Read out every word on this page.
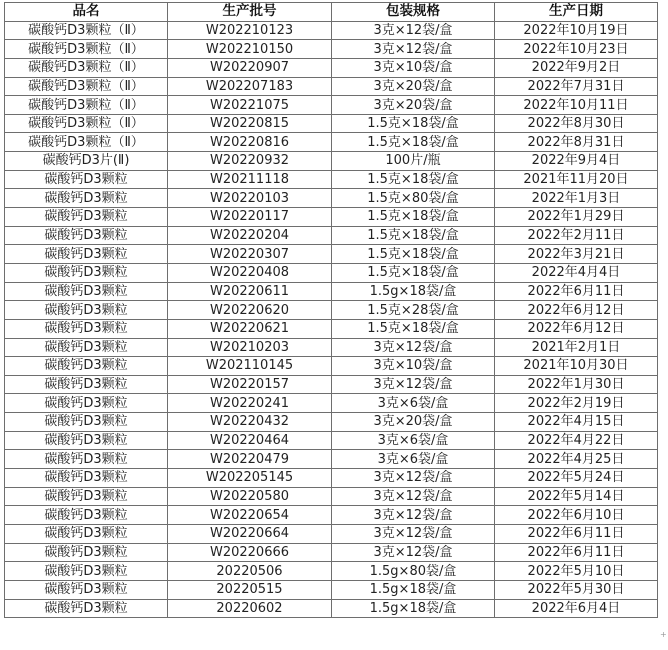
品名	生产批号	包装规格	生产日期
碳酸钙D3颗粒（Ⅱ）	W202210123	3克×12袋/盒	2022年10月19日
碳酸钙D3颗粒（Ⅱ）	W202210150	3克×12袋/盒	2022年10月23日
碳酸钙D3颗粒（Ⅱ）	W20220907	3克×10袋/盒	2022年9月2日
碳酸钙D3颗粒（Ⅱ）	W202207183	3克×20袋/盒	2022年7月31日
碳酸钙D3颗粒（Ⅱ）	W20221075	3克×20袋/盒	2022年10月11日
碳酸钙D3颗粒（Ⅱ）	W20220815	1.5克×18袋/盒	2022年8月30日
碳酸钙D3颗粒（Ⅱ）	W20220816	1.5克×18袋/盒	2022年8月31日
碳酸钙D3片(Ⅱ)	W20220932	100片/瓶	2022年9月4日
碳酸钙D3颗粒	W20211118	1.5克×18袋/盒	2021年11月20日
碳酸钙D3颗粒	W20220103	1.5克×80袋/盒	2022年1月3日
碳酸钙D3颗粒	W20220117	1.5克×18袋/盒	2022年1月29日
碳酸钙D3颗粒	W20220204	1.5克×18袋/盒	2022年2月11日
碳酸钙D3颗粒	W20220307	1.5克×18袋/盒	2022年3月21日
碳酸钙D3颗粒	W20220408	1.5克×18袋/盒	2022年4月4日
碳酸钙D3颗粒	W20220611	1.5g×18袋/盒	2022年6月11日
碳酸钙D3颗粒	W20220620	1.5克×28袋/盒	2022年6月12日
碳酸钙D3颗粒	W20220621	1.5克×18袋/盒	2022年6月12日
碳酸钙D3颗粒	W20210203	3克×12袋/盒	2021年2月1日
碳酸钙D3颗粒	W202110145	3克×10袋/盒	2021年10月30日
碳酸钙D3颗粒	W20220157	3克×12袋/盒	2022年1月30日
碳酸钙D3颗粒	W20220241	3克×6袋/盒	2022年2月19日
碳酸钙D3颗粒	W20220432	3克×20袋/盒	2022年4月15日
碳酸钙D3颗粒	W20220464	3克×6袋/盒	2022年4月22日
碳酸钙D3颗粒	W20220479	3克×6袋/盒	2022年4月25日
碳酸钙D3颗粒	W202205145	3克×12袋/盒	2022年5月24日
碳酸钙D3颗粒	W20220580	3克×12袋/盒	2022年5月14日
碳酸钙D3颗粒	W20220654	3克×12袋/盒	2022年6月10日
碳酸钙D3颗粒	W20220664	3克×12袋/盒	2022年6月11日
碳酸钙D3颗粒	W20220666	3克×12袋/盒	2022年6月11日
碳酸钙D3颗粒	20220506	1.5g×80袋/盒	2022年5月10日
碳酸钙D3颗粒	20220515	1.5g×18袋/盒	2022年5月30日
碳酸钙D3颗粒	20220602	1.5g×18袋/盒	2022年6月4日
+
